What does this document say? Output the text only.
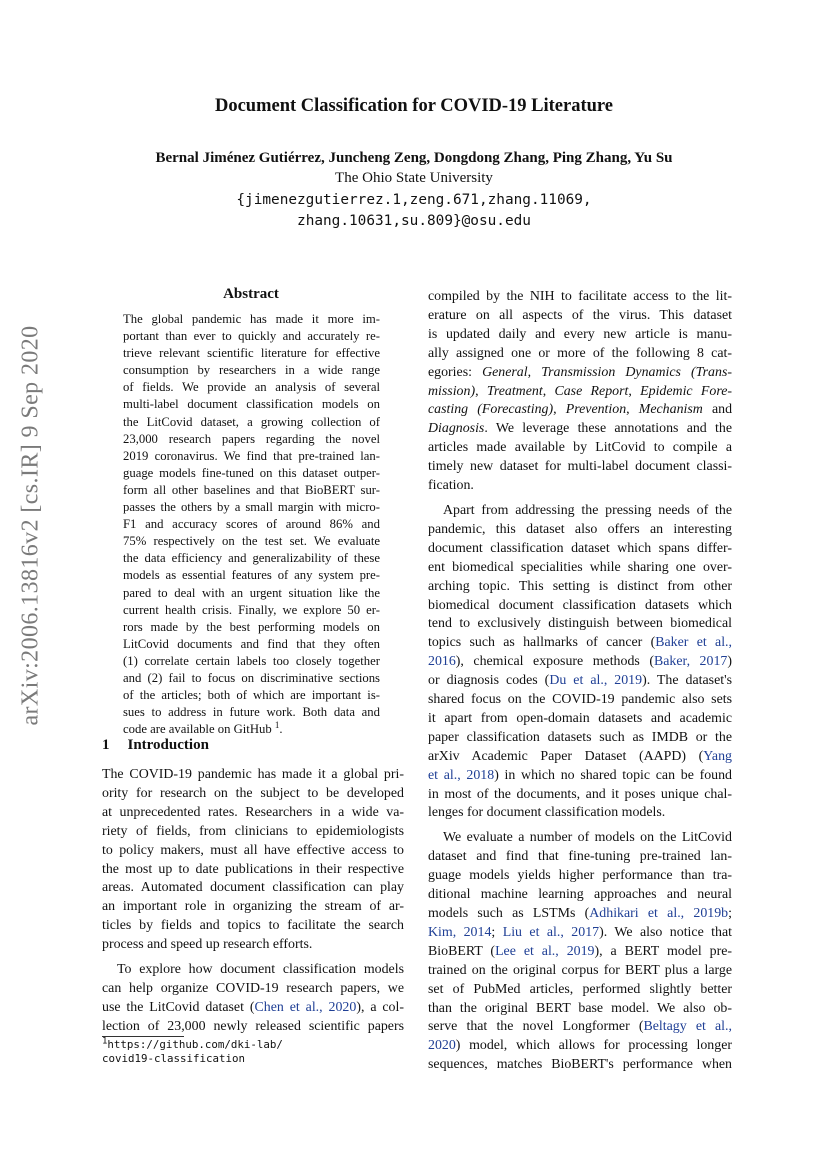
arXiv:2006.13816v2 [cs.IR] 9 Sep 2020
Document Classification for COVID-19 Literature
Bernal Jiménez Gutiérrez, Juncheng Zeng, Dongdong Zhang, Ping Zhang, Yu Su
The Ohio State University
{jimenezgutierrez.1,zeng.671,zhang.11069,
zhang.10631,su.809}@osu.edu
Abstract
The global pandemic has made it more im-
portant than ever to quickly and accurately re-
trieve relevant scientific literature for effective
consumption by researchers in a wide range
of fields. We provide an analysis of several
multi-label document classification models on
the LitCovid dataset, a growing collection of
23,000 research papers regarding the novel
2019 coronavirus. We find that pre-trained lan-
guage models fine-tuned on this dataset outper-
form all other baselines and that BioBERT sur-
passes the others by a small margin with micro-
F1 and accuracy scores of around 86% and
75% respectively on the test set. We evaluate
the data efficiency and generalizability of these
models as essential features of any system pre-
pared to deal with an urgent situation like the
current health crisis. Finally, we explore 50 er-
rors made by the best performing models on
LitCovid documents and find that they often
(1) correlate certain labels too closely together
and (2) fail to focus on discriminative sections
of the articles; both of which are important is-
sues to address in future work. Both data and
code are available on GitHub $^1$.
1 Introduction
The COVID-19 pandemic has made it a global pri-
ority for research on the subject to be developed
at unprecedented rates. Researchers in a wide va-
riety of fields, from clinicians to epidemiologists
to policy makers, must all have effective access to
the most up to date publications in their respective
areas. Automated document classification can play
an important role in organizing the stream of ar-
ticles by fields and topics to facilitate the search
process and speed up research efforts.
To explore how document classification models
can help organize COVID-19 research papers, we
use the LitCovid dataset (Chen et al., 2020), a col-
lection of 23,000 newly released scientific papers
$^1$https://github.com/dki-lab/
covid19-classification
compiled by the NIH to facilitate access to the lit-
erature on all aspects of the virus. This dataset
is updated daily and every new article is manu-
ally assigned one or more of the following 8 cat-
egories: General, Transmission Dynamics (Trans-
mission), Treatment, Case Report, Epidemic Fore-
casting (Forecasting), Prevention, Mechanism and
Diagnosis. We leverage these annotations and the
articles made available by LitCovid to compile a
timely new dataset for multi-label document classi-
fication.
Apart from addressing the pressing needs of the
pandemic, this dataset also offers an interesting
document classification dataset which spans differ-
ent biomedical specialities while sharing one over-
arching topic. This setting is distinct from other
biomedical document classification datasets which
tend to exclusively distinguish between biomedical
topics such as hallmarks of cancer (Baker et al.,
2016), chemical exposure methods (Baker, 2017)
or diagnosis codes (Du et al., 2019). The dataset's
shared focus on the COVID-19 pandemic also sets
it apart from open-domain datasets and academic
paper classification datasets such as IMDB or the
arXiv Academic Paper Dataset (AAPD) (Yang
et al., 2018) in which no shared topic can be found
in most of the documents, and it poses unique chal-
lenges for document classification models.
We evaluate a number of models on the LitCovid
dataset and find that fine-tuning pre-trained lan-
guage models yields higher performance than tra-
ditional machine learning approaches and neural
models such as LSTMs (Adhikari et al., 2019b;
Kim, 2014; Liu et al., 2017). We also notice that
BioBERT (Lee et al., 2019), a BERT model pre-
trained on the original corpus for BERT plus a large
set of PubMed articles, performed slightly better
than the original BERT base model. We also ob-
serve that the novel Longformer (Beltagy et al.,
2020) model, which allows for processing longer
sequences, matches BioBERT's performance when
